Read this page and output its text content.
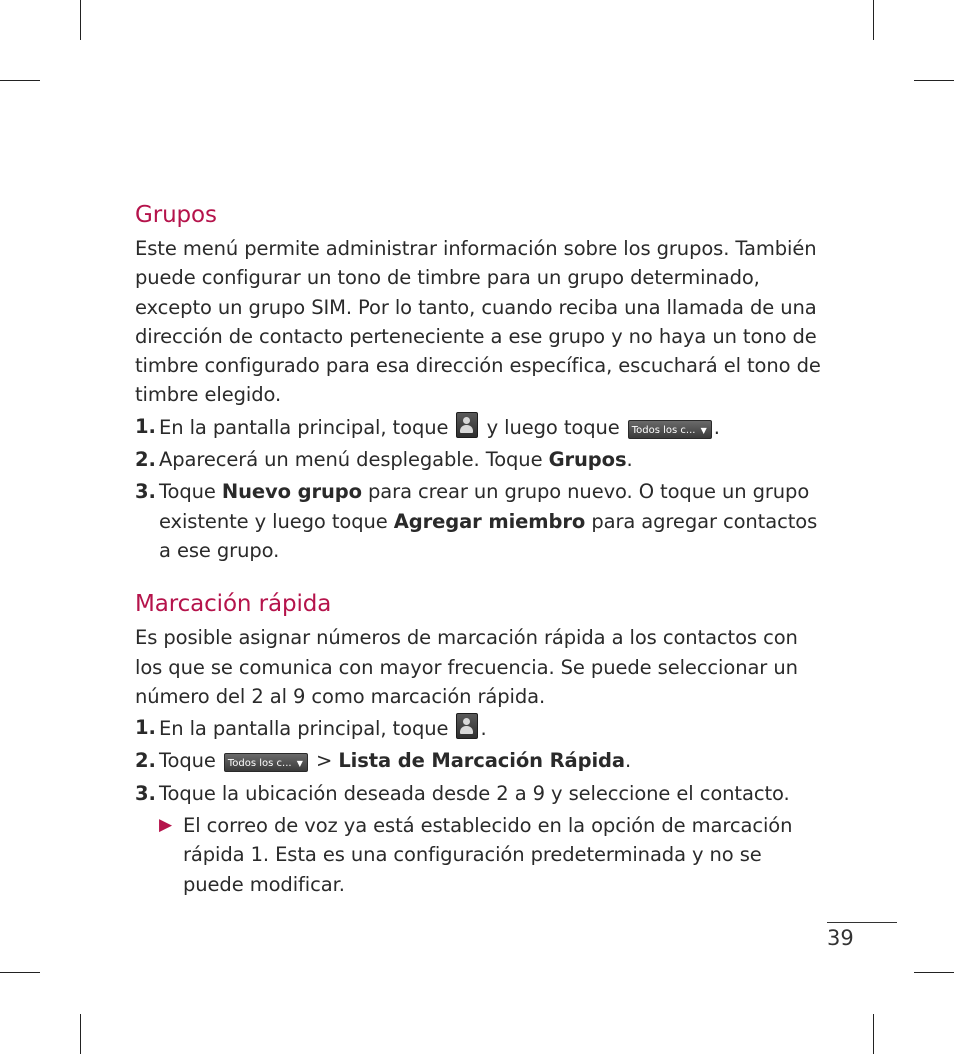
Grupos

Este menú permite administrar información sobre los grupos. También puede configurar un tono de timbre para un grupo determinado, excepto un grupo SIM. Por lo tanto, cuando reciba una llamada de una dirección de contacto perteneciente a ese grupo y no haya un tono de timbre configurado para esa dirección específica, escuchará el tono de timbre elegido.

1. En la pantalla principal, toque y luego toque Todos los c... ▼ .
2. Aparecerá un menú desplegable. Toque Grupos.
3. Toque Nuevo grupo para crear un grupo nuevo. O toque un grupo existente y luego toque Agregar miembro para agregar contactos a ese grupo.
Marcación rápida

Es posible asignar números de marcación rápida a los contactos con los que se comunica con mayor frecuencia. Se puede seleccionar un número del 2 al 9 como marcación rápida.

1. En la pantalla principal, toque .
2. Toque Todos los c... ▼ > Lista de Marcación Rápida.
3. Toque la ubicación deseada desde 2 a 9 y seleccione el contacto.
▶ El correo de voz ya está establecido en la opción de marcación rápida 1. Esta es una configuración predeterminada y no se puede modificar.
39
